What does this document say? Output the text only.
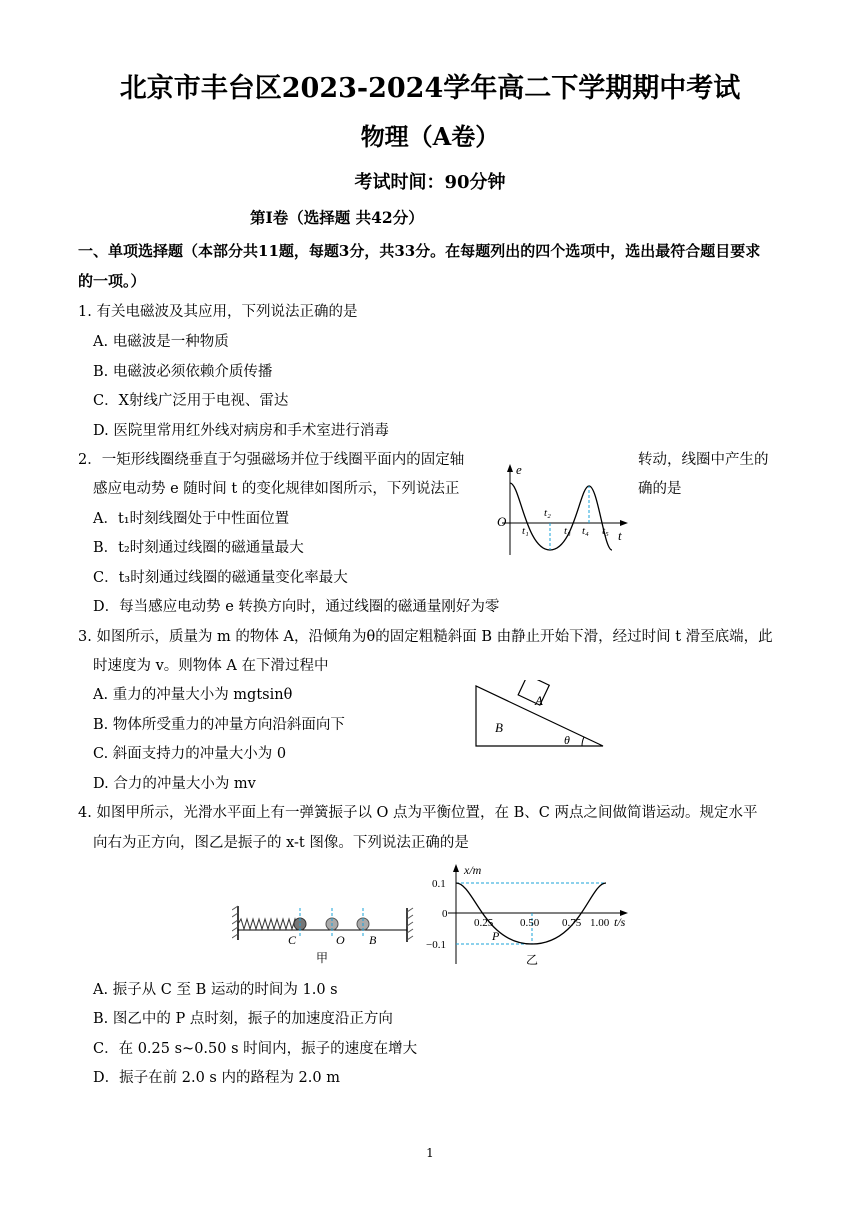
北京市丰台区2023-2024学年高二下学期期中考试
物理（A卷）
考试时间：90分钟
第I卷（选择题 共42分）
一、单项选择题（本部分共11题，每题3分，共33分。在每题列出的四个选项中，选出最符合题目要求
的一项。）
1. 有关电磁波及其应用，下列说法正确的是
A. 电磁波是一种物质
B. 电磁波必须依赖介质传播
C．X射线广泛用于电视、雷达
D. 医院里常用红外线对病房和手术室进行消毒
2．一矩形线圈绕垂直于匀强磁场并位于线圈平面内的固定轴	转动，线圈中产生的
感应电动势 e 随时间 t 的变化规律如图所示，下列说法正	确的是
A．t₁时刻线圈处于中性面位置
B．t₂时刻通过线圈的磁通量最大
C．t₃时刻通过线圈的磁通量变化率最大
D．每当感应电动势 e 转换方向时，通过线圈的磁通量刚好为零
e
t
O
t₁
t₂
t₃ t₄ t₅
3. 如图所示，质量为 m 的物体 A，沿倾角为θ的固定粗糙斜面 B 由静止开始下滑，经过时间 t 滑至底端，此
时速度为 v。则物体 A 在下滑过程中
A. 重力的冲量大小为 mgtsinθ
B. 物体所受重力的冲量方向沿斜面向下
C. 斜面支持力的冲量大小为 0
D. 合力的冲量大小为 mv
A
B
θ
4. 如图甲所示，光滑水平面上有一弹簧振子以 O 点为平衡位置，在 B、C 两点之间做简谐运动。规定水平
向右为正方向，图乙是振子的 x-t 图像。下列说法正确的是
C	O B
甲
x/m
t/s
0.1
0
−0.1
0.25 0.50 0.75 1.00
P
乙
A. 振子从 C 至 B 运动的时间为 1.0 s
B. 图乙中的 P 点时刻，振子的加速度沿正方向
C．在 0.25 s~0.50 s 时间内，振子的速度在增大
D．振子在前 2.0 s 内的路程为 2.0 m
1
